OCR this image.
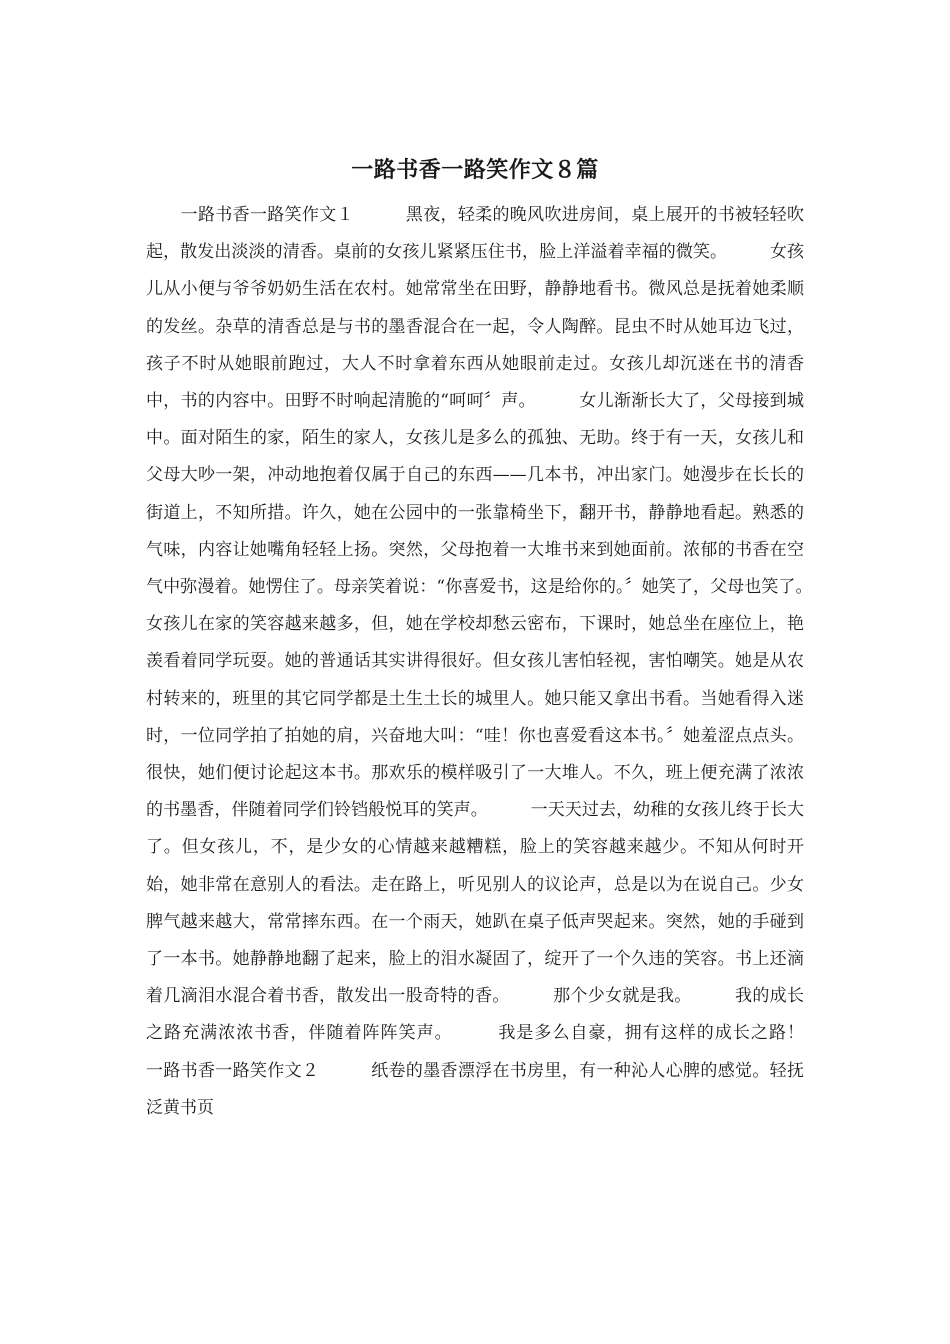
一路书香一路笑作文８篇
　　一路书香一路笑作文１　　　黑夜，轻柔的晚风吹进房间，桌上展开的书被轻轻吹起，散发出淡淡的清香。桌前的女孩儿紧紧压住书，脸上洋溢着幸福的微笑。　　　女孩儿从小便与爷爷奶奶生活在农村。她常常坐在田野，静静地看书。微风总是抚着她柔顺的发丝。杂草的清香总是与书的墨香混合在一起，令人陶醉。昆虫不时从她耳边飞过，孩子不时从她眼前跑过，大人不时拿着东西从她眼前走过。女孩儿却沉迷在书的清香中，书的内容中。田野不时响起清脆的“呵呵〞声。　　　女儿渐渐长大了，父母接到城中。面对陌生的家，陌生的家人，女孩儿是多么的孤独、无助。终于有一天，女孩儿和父母大吵一架，冲动地抱着仅属于自己的东西——几本书，冲出家门。她漫步在长长的街道上，不知所措。许久，她在公园中的一张靠椅坐下，翻开书，静静地看起。熟悉的气味，内容让她嘴角轻轻上扬。突然，父母抱着一大堆书来到她面前。浓郁的书香在空气中弥漫着。她愣住了。母亲笑着说：“你喜爱书，这是给你的。〞她笑了，父母也笑了。　　　女孩儿在家的笑容越来越多，但，她在学校却愁云密布，下课时，她总坐在座位上，艳羡看着同学玩耍。她的普通话其实讲得很好。但女孩儿害怕轻视，害怕嘲笑。她是从农村转来的，班里的其它同学都是土生土长的城里人。她只能又拿出书看。当她看得入迷时，一位同学拍了拍她的肩，兴奋地大叫：“哇！你也喜爱看这本书。〞她羞涩点点头。很快，她们便讨论起这本书。那欢乐的模样吸引了一大堆人。不久，班上便充满了浓浓的书墨香，伴随着同学们铃铛般悦耳的笑声。　　　一天天过去，幼稚的女孩儿终于长大了。但女孩儿，不，是少女的心情越来越糟糕，脸上的笑容越来越少。不知从何时开始，她非常在意别人的看法。走在路上，听见别人的议论声，总是以为在说自己。少女脾气越来越大，常常摔东西。在一个雨天，她趴在桌子低声哭起来。突然，她的手碰到了一本书。她静静地翻了起来，脸上的泪水凝固了，绽开了一个久违的笑容。书上还滴着几滴泪水混合着书香，散发出一股奇特的香。　　　那个少女就是我。　　　我的成长之路充满浓浓书香，伴随着阵阵笑声。　　　我是多么自豪，拥有这样的成长之路！　　　一路书香一路笑作文２　　　纸卷的墨香漂浮在书房里，有一种沁人心脾的感觉。轻抚泛黄书页
